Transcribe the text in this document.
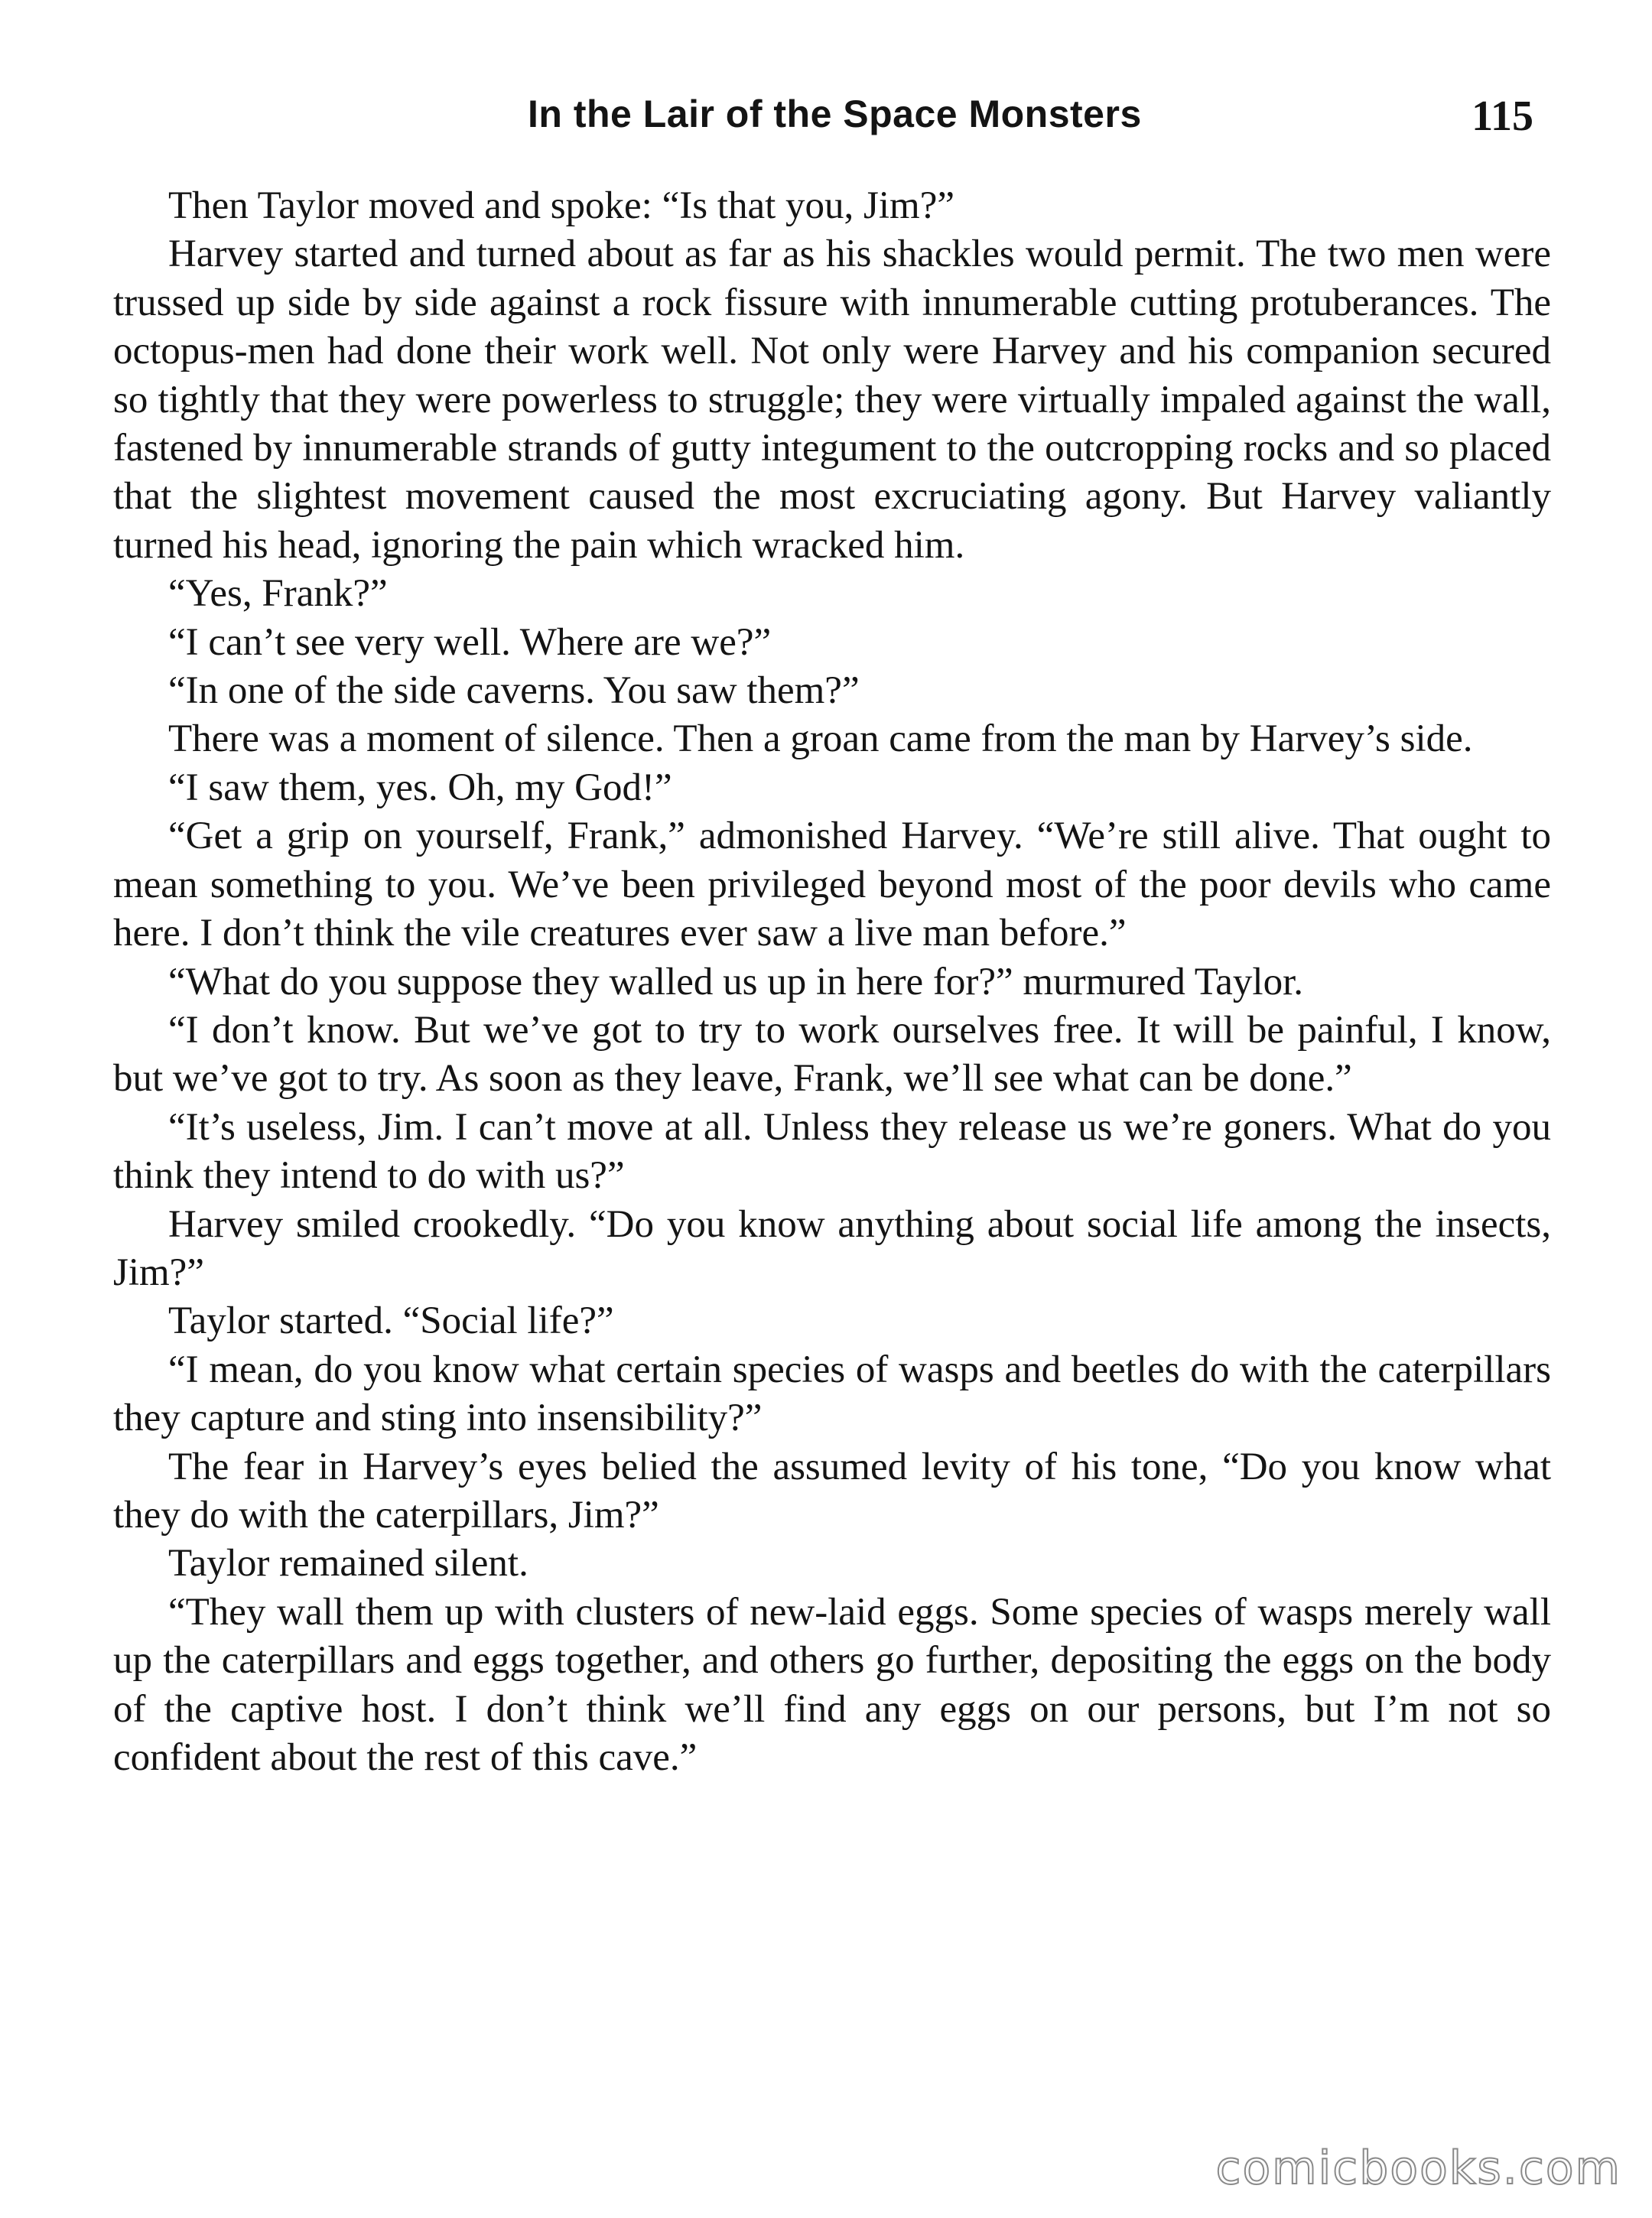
In the Lair of the Space Monsters	115

Then Taylor moved and spoke: “Is that you, Jim?”

Harvey started and turned about as far as his shackles would permit. The two men were trussed up side by side against a rock fissure with innumerable cutting protuberances. The octopus-men had done their work well. Not only were Harvey and his companion secured so tightly that they were powerless to struggle; they were virtually impaled against the wall, fastened by innumerable strands of gutty integument to the outcropping rocks and so placed that the slightest movement caused the most excruciating agony. But Harvey valiantly turned his head, ignoring the pain which wracked him.

“Yes, Frank?”

“I can’t see very well. Where are we?”

“In one of the side caverns. You saw them?”

There was a moment of silence. Then a groan came from the man by Harvey’s side.

“I saw them, yes. Oh, my God!”

“Get a grip on yourself, Frank,” admonished Harvey. “We’re still alive. That ought to mean something to you. We’ve been privileged beyond most of the poor devils who came here. I don’t think the vile creatures ever saw a live man before.”

“What do you suppose they walled us up in here for?” murmured Taylor.

“I don’t know. But we’ve got to try to work ourselves free. It will be painful, I know, but we’ve got to try. As soon as they leave, Frank, we’ll see what can be done.”

“It’s useless, Jim. I can’t move at all. Unless they release us we’re goners. What do you think they intend to do with us?”

Harvey smiled crookedly. “Do you know anything about social life among the insects, Jim?”

Taylor started. “Social life?”

“I mean, do you know what certain species of wasps and beetles do with the caterpillars they capture and sting into insensibility?”

The fear in Harvey’s eyes belied the assumed levity of his tone, “Do you know what they do with the caterpillars, Jim?”

Taylor remained silent.

“They wall them up with clusters of new-laid eggs. Some species of wasps merely wall up the caterpillars and eggs together, and others go further, depositing the eggs on the body of the captive host. I don’t think we’ll find any eggs on our persons, but I’m not so confident about the rest of this cave.”

comicbooks.com
